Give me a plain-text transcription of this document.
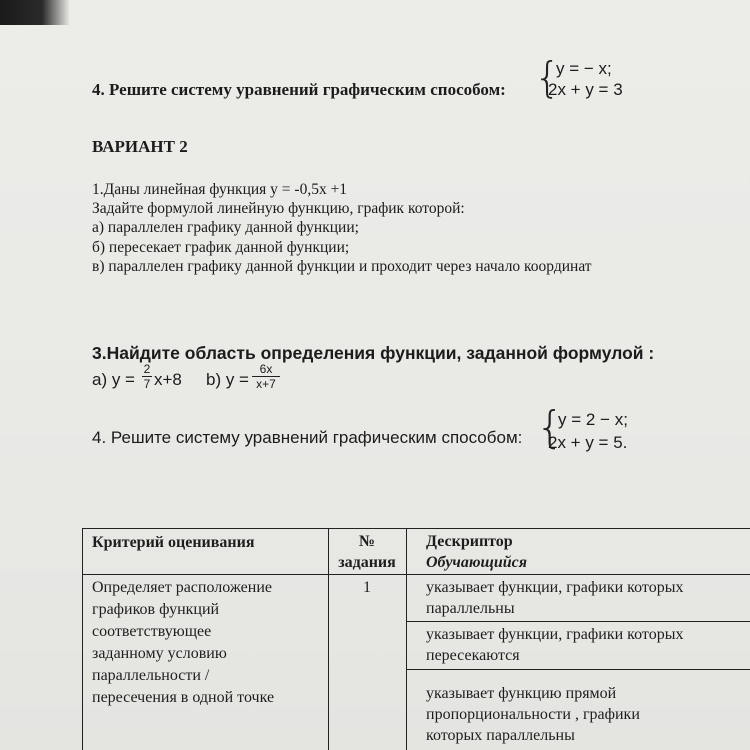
4. Решите систему уравнений графическим способом: {
y = − x;
2x + y = 3
ВАРИАНТ 2
1.Даны линейная функция y = -0,5x +1
Задайте формулой линейную функцию, график которой:
а) параллелен графику данной функции;
б) пересекает график данной функции;
в) параллелен графику данной функции и проходит через начало координат
3.Найдите область определения функции, заданной формулой :
а) y =
2
7 x+8 b) y =
6x
x+7
4. Решите систему уравнений графическим способом: {
y = 2 − x;
2x + y = 5.
Критерий оценивания	№
задания
Дескриптор
Обучающийся
Определяет расположение
графиков функций
соответствующее
заданному условию
параллельности /
пересечения в одной точке
1	указывает функции, графики которых
параллельны
указывает функции, графики которых
пересекаются
указывает функцию прямой
пропорциональности , графики
которых параллельны
